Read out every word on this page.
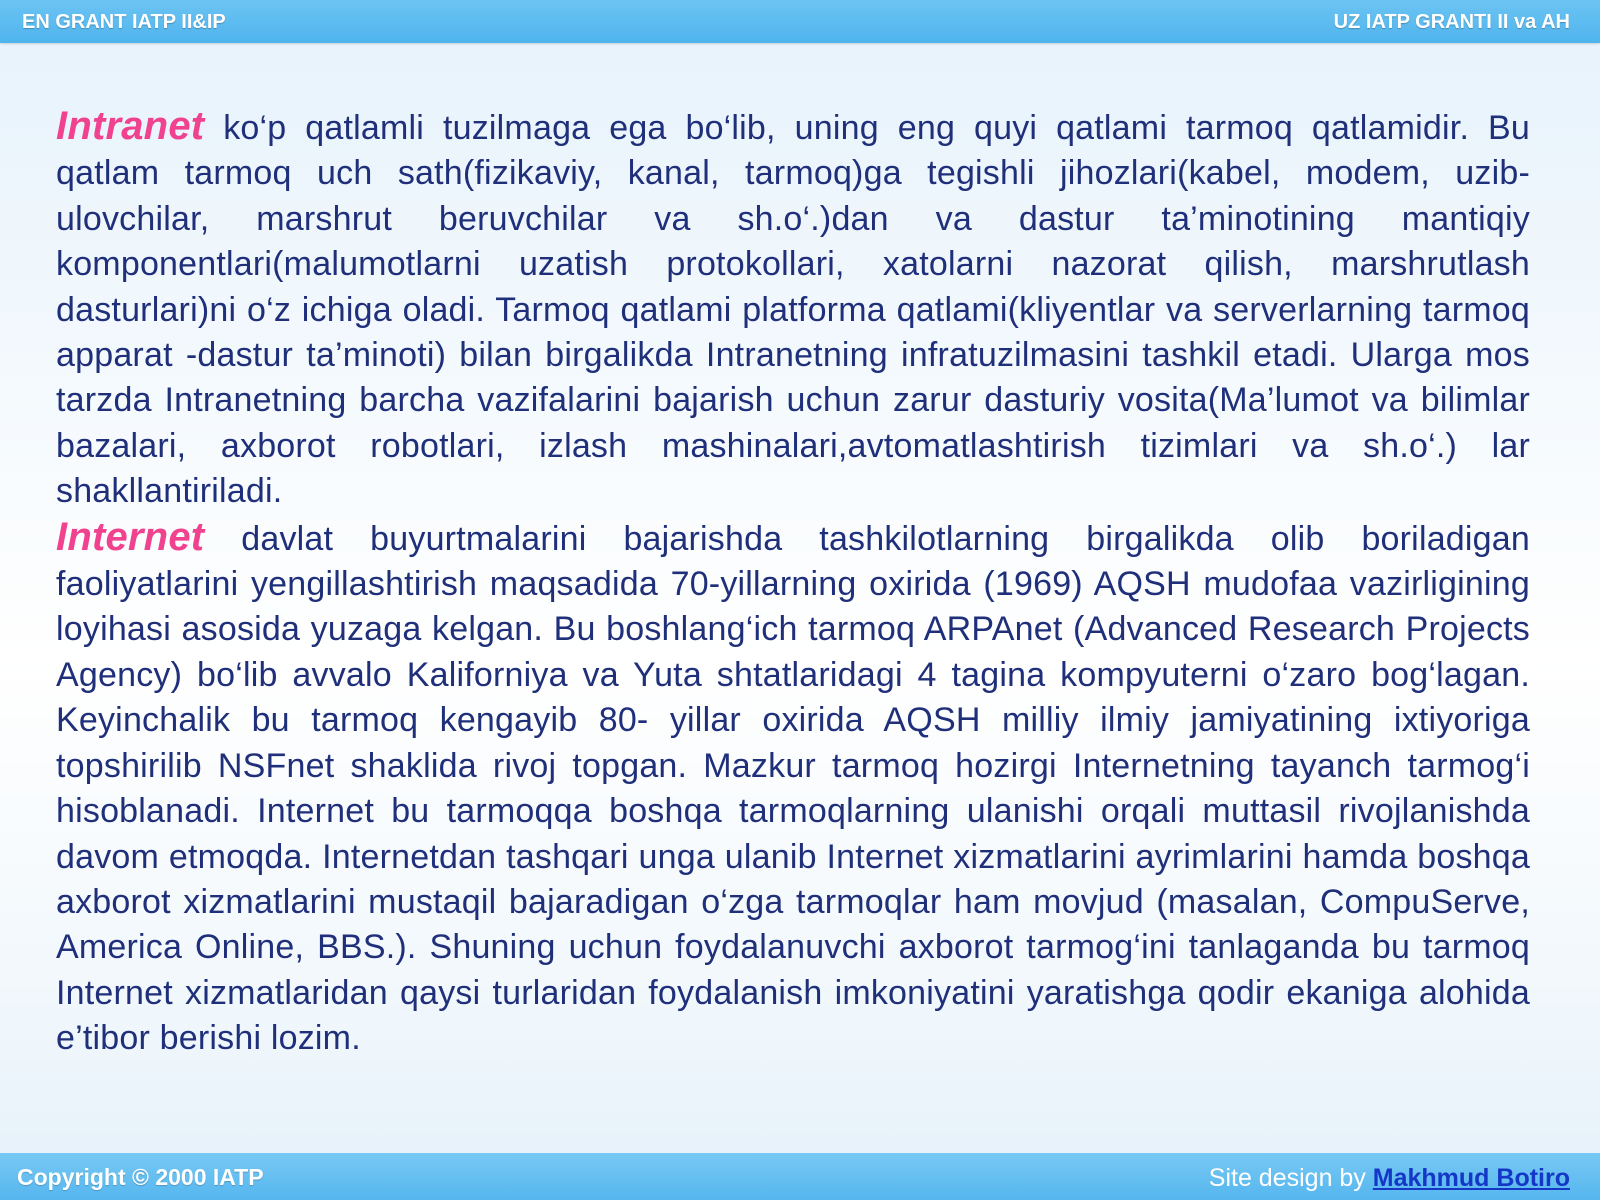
EN GRANT IATP II&IP	UZ IATP GRANTI II va AH

Intranet ko‘p qatlamli tuzilmaga ega bo‘lib, uning eng quyi qatlami tarmoq qatlamidir. Bu qatlam tarmoq uch sath(fizikaviy, kanal, tarmoq)ga tegishli jihozlari(kabel, modem, uzib-ulovchilar, marshrut beruvchilar va sh.o‘.)dan va dastur ta’minotining mantiqiy komponentlari(malumotlarni uzatish protokollari, xatolarni nazorat qilish, marshrutlash dasturlari)ni o‘z ichiga oladi. Tarmoq qatlami platforma qatlami(kliyentlar va serverlarning tarmoq apparat -dastur ta’minoti) bilan birgalikda Intranetning infratuzilmasini tashkil etadi. Ularga mos tarzda Intranetning barcha vazifalarini bajarish uchun zarur dasturiy vosita(Ma’lumot va bilimlar bazalari, axborot robotlari, izlash mashinalari,avtomatlashtirish tizimlari va sh.o‘.) lar shakllantiriladi.

Internet davlat buyurtmalarini bajarishda tashkilotlarning birgalikda olib boriladigan faoliyatlarini yengillashtirish maqsadida 70-yillarning oxirida (1969) AQSH mudofaa vazirligining loyihasi asosida yuzaga kelgan. Bu boshlang‘ich tarmoq ARPAnet (Advanced Research Projects Agency) bo‘lib avvalo Kaliforniya va Yuta shtatlaridagi 4 tagina kompyuterni o‘zaro bog‘lagan. Keyinchalik bu tarmoq kengayib 80- yillar oxirida AQSH milliy ilmiy jamiyatining ixtiyoriga topshirilib NSFnet shaklida rivoj topgan. Mazkur tarmoq hozirgi Internetning tayanch tarmog‘i hisoblanadi. Internet bu tarmoqqa boshqa tarmoqlarning ulanishi orqali muttasil rivojlanishda davom etmoqda. Internetdan tashqari unga ulanib Internet xizmatlarini ayrimlarini hamda boshqa axborot xizmatlarini mustaqil bajaradigan o‘zga tarmoqlar ham movjud (masalan, CompuServe, America Online, BBS.). Shuning uchun foydalanuvchi axborot tarmog‘ini tanlaganda bu tarmoq Internet xizmatlaridan qaysi turlaridan foydalanish imkoniyatini yaratishga qodir ekaniga alohida e’tibor berishi lozim.

Copyright © 2000 IATP	Site design by Makhmud Botiro
